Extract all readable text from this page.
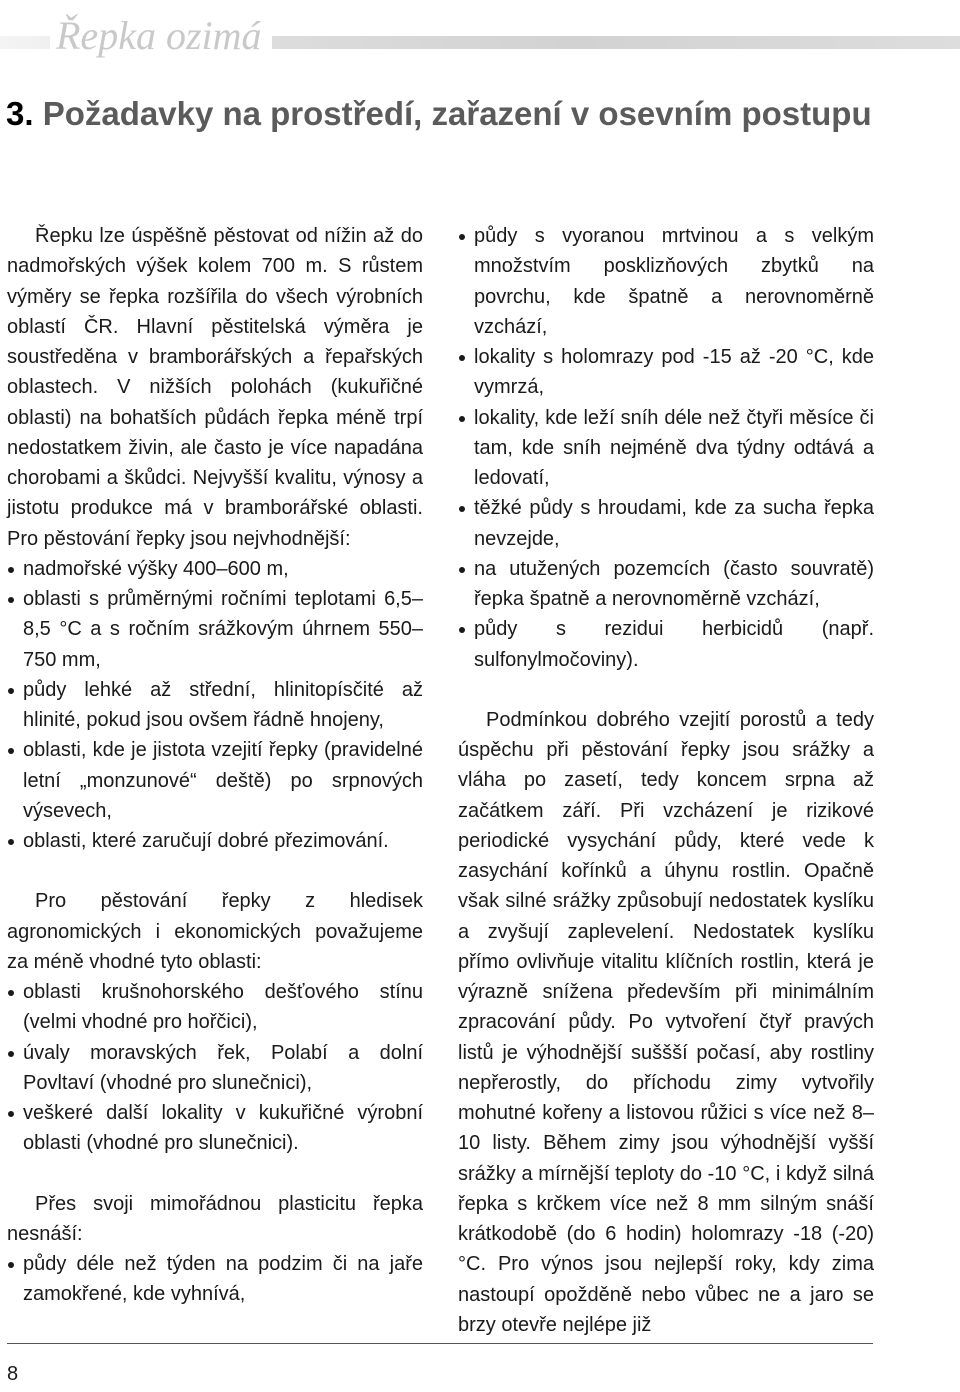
Řepka ozimá
3. Požadavky na prostředí, zařazení v osevním postupu

Řepku lze úspěšně pěstovat od nížin až do nadmořských výšek kolem 700 m. S růstem výměry se řepka rozšířila do všech výrobních oblastí ČR. Hlavní pěstitelská výměra je soustředěna v bramborářských a řepařských oblastech. V nižších polohách (kukuřičné oblasti) na bohatších půdách řepka méně trpí nedostatkem živin, ale často je více napadána chorobami a škůdci. Nejvyšší kvalitu, výnosy a jistotu produkce má v bramborářské oblasti. Pro pěstování řepky jsou nejvhodnější:

nadmořské výšky 400–600 m,
oblasti s průměrnými ročními teplotami 6,5–8,5 °C a s ročním srážkovým úhrnem 550–750 mm,
půdy lehké až střední, hlinitopísčité až hlinité, pokud jsou ovšem řádně hnojeny,
oblasti, kde je jistota vzejití řepky (pravidelné letní „monzunové“ deště) po srpnových výsevech,
oblasti, které zaručují dobré přezimování.

Pro pěstování řepky z hledisek agronomických i ekonomických považujeme za méně vhodné tyto oblasti:

oblasti krušnohorského dešťového stínu (velmi vhodné pro hořčici),
úvaly moravských řek, Polabí a dolní Povltaví (vhodné pro slunečnici),
veškeré další lokality v kukuřičné výrobní oblasti (vhodné pro slunečnici).

Přes svoji mimořádnou plasticitu řepka nesnáší:

půdy déle než týden na podzim či na jaře zamokřené, kde vyhnívá,
půdy s vyoranou mrtvinou a s velkým množstvím posklizňových zbytků na povrchu, kde špatně a nerovnoměrně vzchází,
lokality s holomrazy pod -15 až -20 °C, kde vymrzá,
lokality, kde leží sníh déle než čtyři měsíce či tam, kde sníh nejméně dva týdny odtává a ledovatí,
těžké půdy s hroudami, kde za sucha řepka nevzejde,
na utužených pozemcích (často souvratě) řepka špatně a nerovnoměrně vzchází,
půdy s rezidui herbicidů (např. sulfonylmočoviny).

Podmínkou dobrého vzejití porostů a tedy úspěchu při pěstování řepky jsou srážky a vláha po zasetí, tedy koncem srpna až začátkem září. Při vzcházení je rizikové periodické vysychání půdy, které vede k zasychání kořínků a úhynu rostlin. Opačně však silné srážky způsobují nedostatek kyslíku a zvyšují zaplevelení. Nedostatek kyslíku přímo ovlivňuje vitalitu klíčních rostlin, která je výrazně snížena především při minimálním zpracování půdy. Po vytvoření čtyř pravých listů je výhodnější suššší počasí, aby rostliny nepřerostly, do příchodu zimy vytvořily mohutné kořeny a listovou růžici s více než 8–10 listy. Během zimy jsou výhodnější vyšší srážky a mírnější teploty do -10 °C, i když silná řepka s krčkem více než 8 mm silným snáší krátkodobě (do 6 hodin) holomrazy -18 (-20) °C. Pro výnos jsou nejlepší roky, kdy zima nastoupí opožděně nebo vůbec ne a jaro se brzy otevře nejlépe již

8
